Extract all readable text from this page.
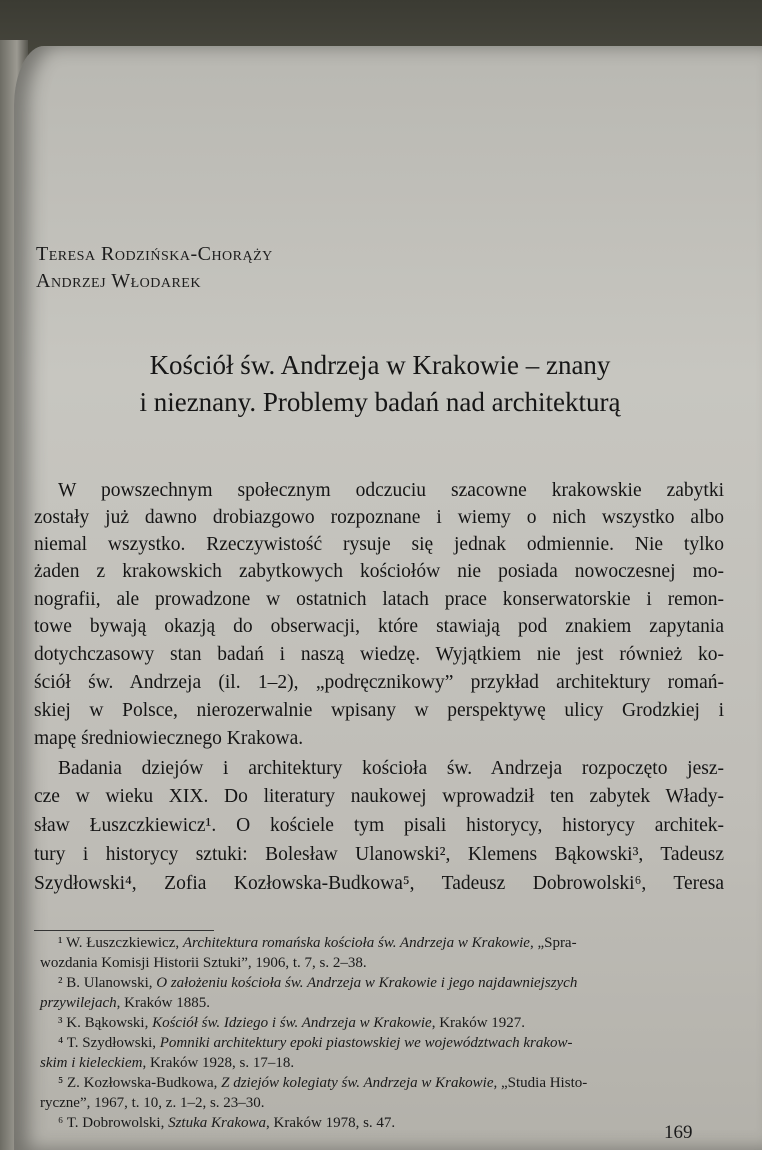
Teresa Rodzińska-Chorąży
Andrzej Włodarek
Kościół św. Andrzeja w Krakowie – znany
i nieznany. Problemy badań nad architekturą
W powszechnym społecznym odczuciu szacowne krakowskie zabytki
zostały już dawno drobiazgowo rozpoznane i wiemy o nich wszystko albo
niemal wszystko. Rzeczywistość rysuje się jednak odmiennie. Nie tylko
żaden z krakowskich zabytkowych kościołów nie posiada nowoczesnej mo-
nografii, ale prowadzone w ostatnich latach prace konserwatorskie i remon-
towe bywają okazją do obserwacji, które stawiają pod znakiem zapytania
dotychczasowy stan badań i naszą wiedzę. Wyjątkiem nie jest również ko-
ściół św. Andrzeja (il. 1–2), „podręcznikowy” przykład architektury romań-
skiej w Polsce, nierozerwalnie wpisany w perspektywę ulicy Grodzkiej i
mapę średniowiecznego Krakowa.
Badania dziejów i architektury kościoła św. Andrzeja rozpoczęto jesz-
cze w wieku XIX. Do literatury naukowej wprowadził ten zabytek Włady-
sław Łuszczkiewicz¹. O kościele tym pisali historycy, historycy architek-
tury i historycy sztuki: Bolesław Ulanowski², Klemens Bąkowski³, Tadeusz
Szydłowski⁴, Zofia Kozłowska-Budkowa⁵, Tadeusz Dobrowolski⁶, Teresa
¹ W. Łuszczkiewicz, Architektura romańska kościoła św. Andrzeja w Krakowie, „Spra-
wozdania Komisji Historii Sztuki”, 1906, t. 7, s. 2–38.
² B. Ulanowski, O założeniu kościoła św. Andrzeja w Krakowie i jego najdawniejszych
przywilejach, Kraków 1885.
³ K. Bąkowski, Kościół św. Idziego i św. Andrzeja w Krakowie, Kraków 1927.
⁴ T. Szydłowski, Pomniki architektury epoki piastowskiej we województwach krakow-
skim i kieleckiem, Kraków 1928, s. 17–18.
⁵ Z. Kozłowska-Budkowa, Z dziejów kolegiaty św. Andrzeja w Krakowie, „Studia Histo-
ryczne”, 1967, t. 10, z. 1–2, s. 23–30.
⁶ T. Dobrowolski, Sztuka Krakowa, Kraków 1978, s. 47.	169
